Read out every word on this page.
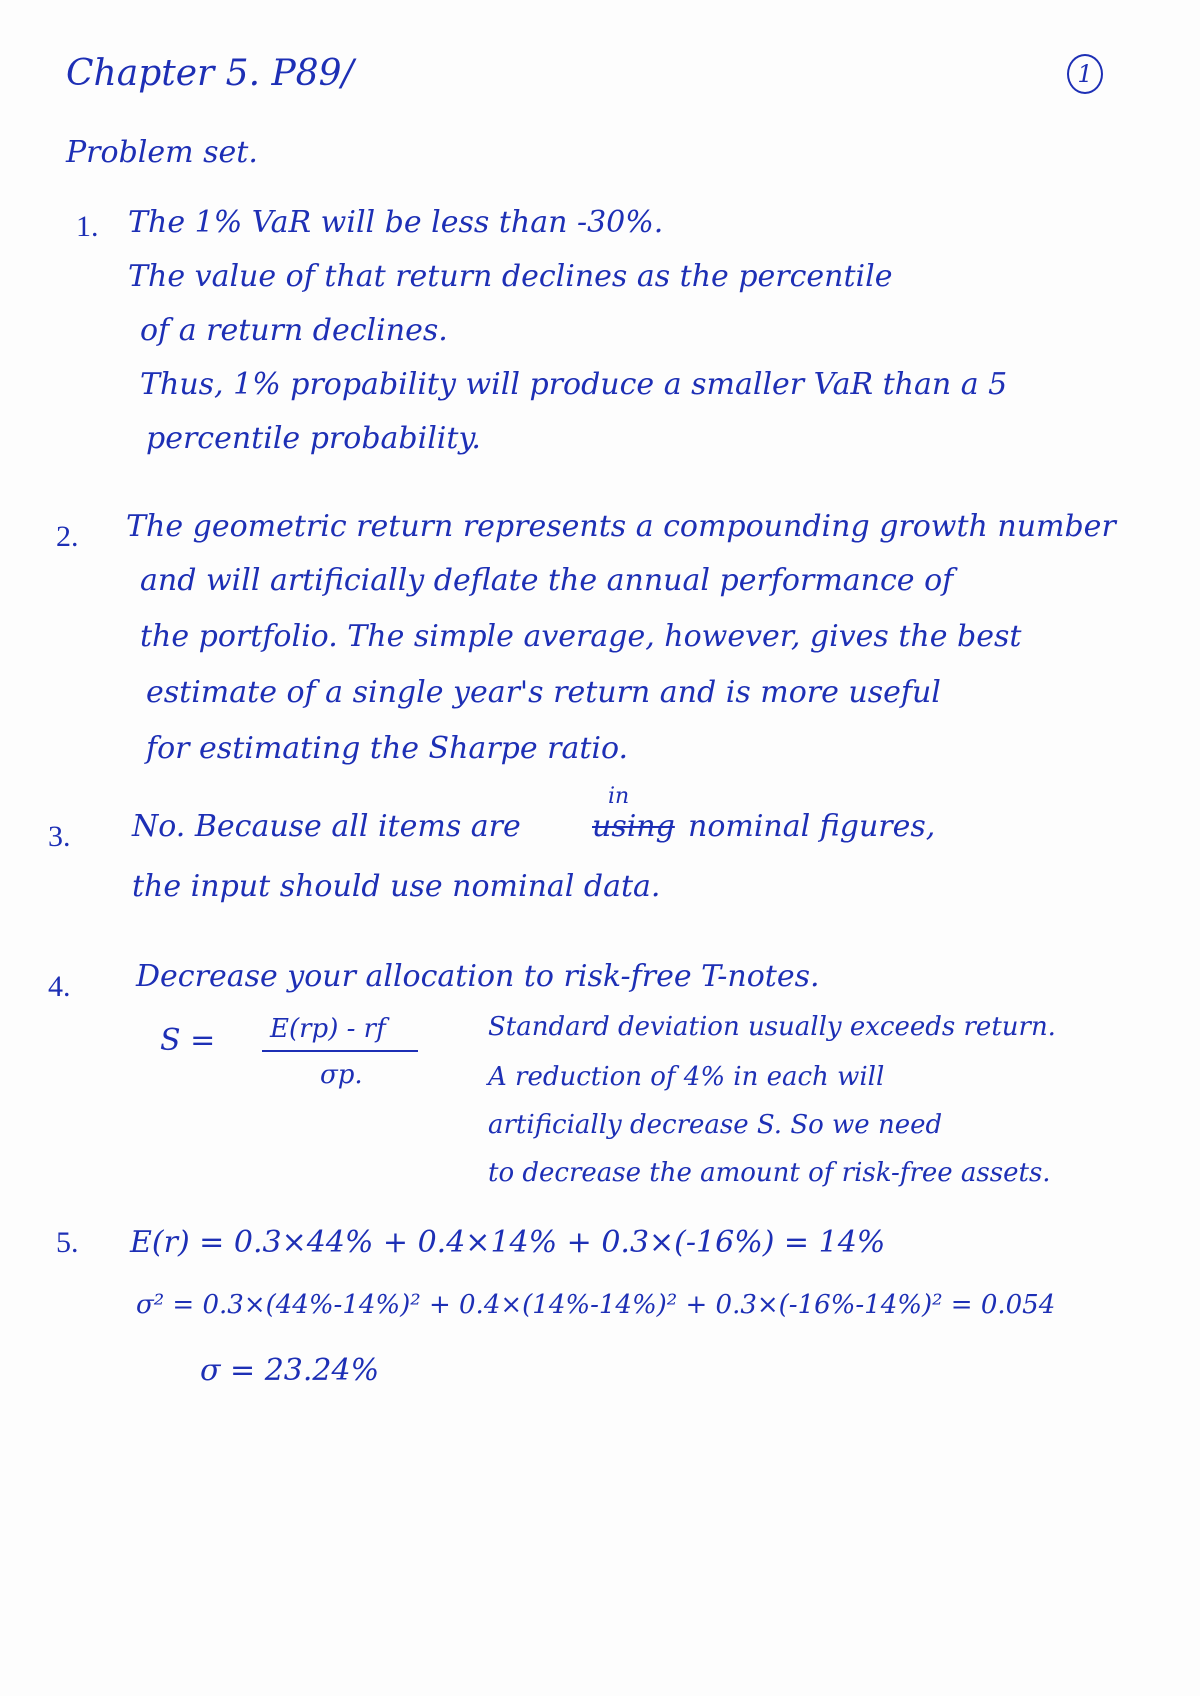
Chapter 5. P89/	1
Problem set.
1. The 1% VaR will be less than -30%.
The value of that return declines as the percentile
of a return declines.
Thus, 1% propability will produce a smaller VaR than a 5
percentile probability.
2. The geometric return represents a compounding growth number
and will artificially deflate the annual performance of
the portfolio. The simple average, however, gives the best
estimate of a single year's return and is more useful
for estimating the Sharpe ratio.
3. No. Because all items are
in
using nominal figures,
the input should use nominal data.
4. Decrease your allocation to risk-free T-notes.
S = E(rp) - rf
σp.
Standard deviation usually exceeds return.
A reduction of 4% in each will
artificially decrease S. So we need
to decrease the amount of risk-free assets.
5. E(r) = 0.3×44% + 0.4×14% + 0.3×(-16%) = 14%
σ² = 0.3×(44%-14%)² + 0.4×(14%-14%)² + 0.3×(-16%-14%)² = 0.054
σ = 23.24%
